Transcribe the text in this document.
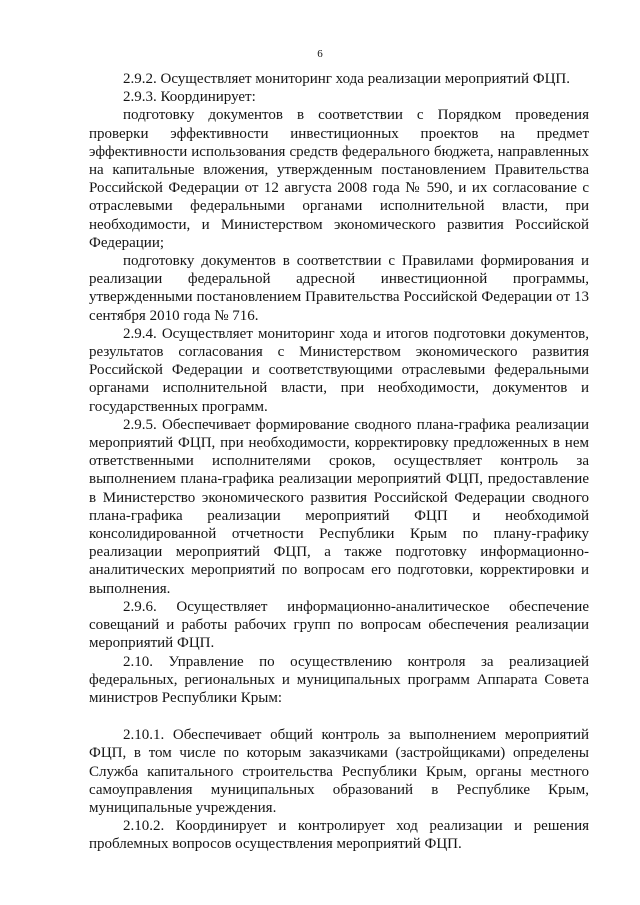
6

2.9.2. Осуществляет мониторинг хода реализации мероприятий ФЦП.

2.9.3. Координирует:

подготовку документов в соответствии с Порядком проведения проверки эффективности инвестиционных проектов на предмет эффективности использования средств федерального бюджета, направленных на капитальные вложения, утвержденным постановлением Правительства Российской Федерации от 12 августа 2008 года № 590, и их согласование с отраслевыми федеральными органами исполнительной власти, при необходимости, и Министерством экономического развития Российской Федерации;

подготовку документов в соответствии с Правилами формирования и реализации федеральной адресной инвестиционной программы, утвержденными постановлением Правительства Российской Федерации от 13 сентября 2010 года № 716.

2.9.4. Осуществляет мониторинг хода и итогов подготовки документов, результатов согласования с Министерством экономического развития Российской Федерации и соответствующими отраслевыми федеральными органами исполнительной власти, при необходимости, документов и государственных программ.

2.9.5. Обеспечивает формирование сводного плана-графика реализации мероприятий ФЦП, при необходимости, корректировку предложенных в нем ответственными исполнителями сроков, осуществляет контроль за выполнением плана-графика реализации мероприятий ФЦП, предоставление в Министерство экономического развития Российской Федерации сводного плана-графика реализации мероприятий ФЦП и необходимой консолидированной отчетности Республики Крым по плану-графику реализации мероприятий ФЦП, а также подготовку информационно-аналитических мероприятий по вопросам его подготовки, корректировки и выполнения.

2.9.6. Осуществляет информационно-аналитическое обеспечение совещаний и работы рабочих групп по вопросам обеспечения реализации мероприятий ФЦП.

2.10. Управление по осуществлению контроля за реализацией федеральных, региональных и муниципальных программ Аппарата Совета министров Республики Крым:

2.10.1. Обеспечивает общий контроль за выполнением мероприятий ФЦП, в том числе по которым заказчиками (застройщиками) определены Служба капитального строительства Республики Крым, органы местного самоуправления муниципальных образований в Республике Крым, муниципальные учреждения.

2.10.2. Координирует и контролирует ход реализации и решения проблемных вопросов осуществления мероприятий ФЦП.
